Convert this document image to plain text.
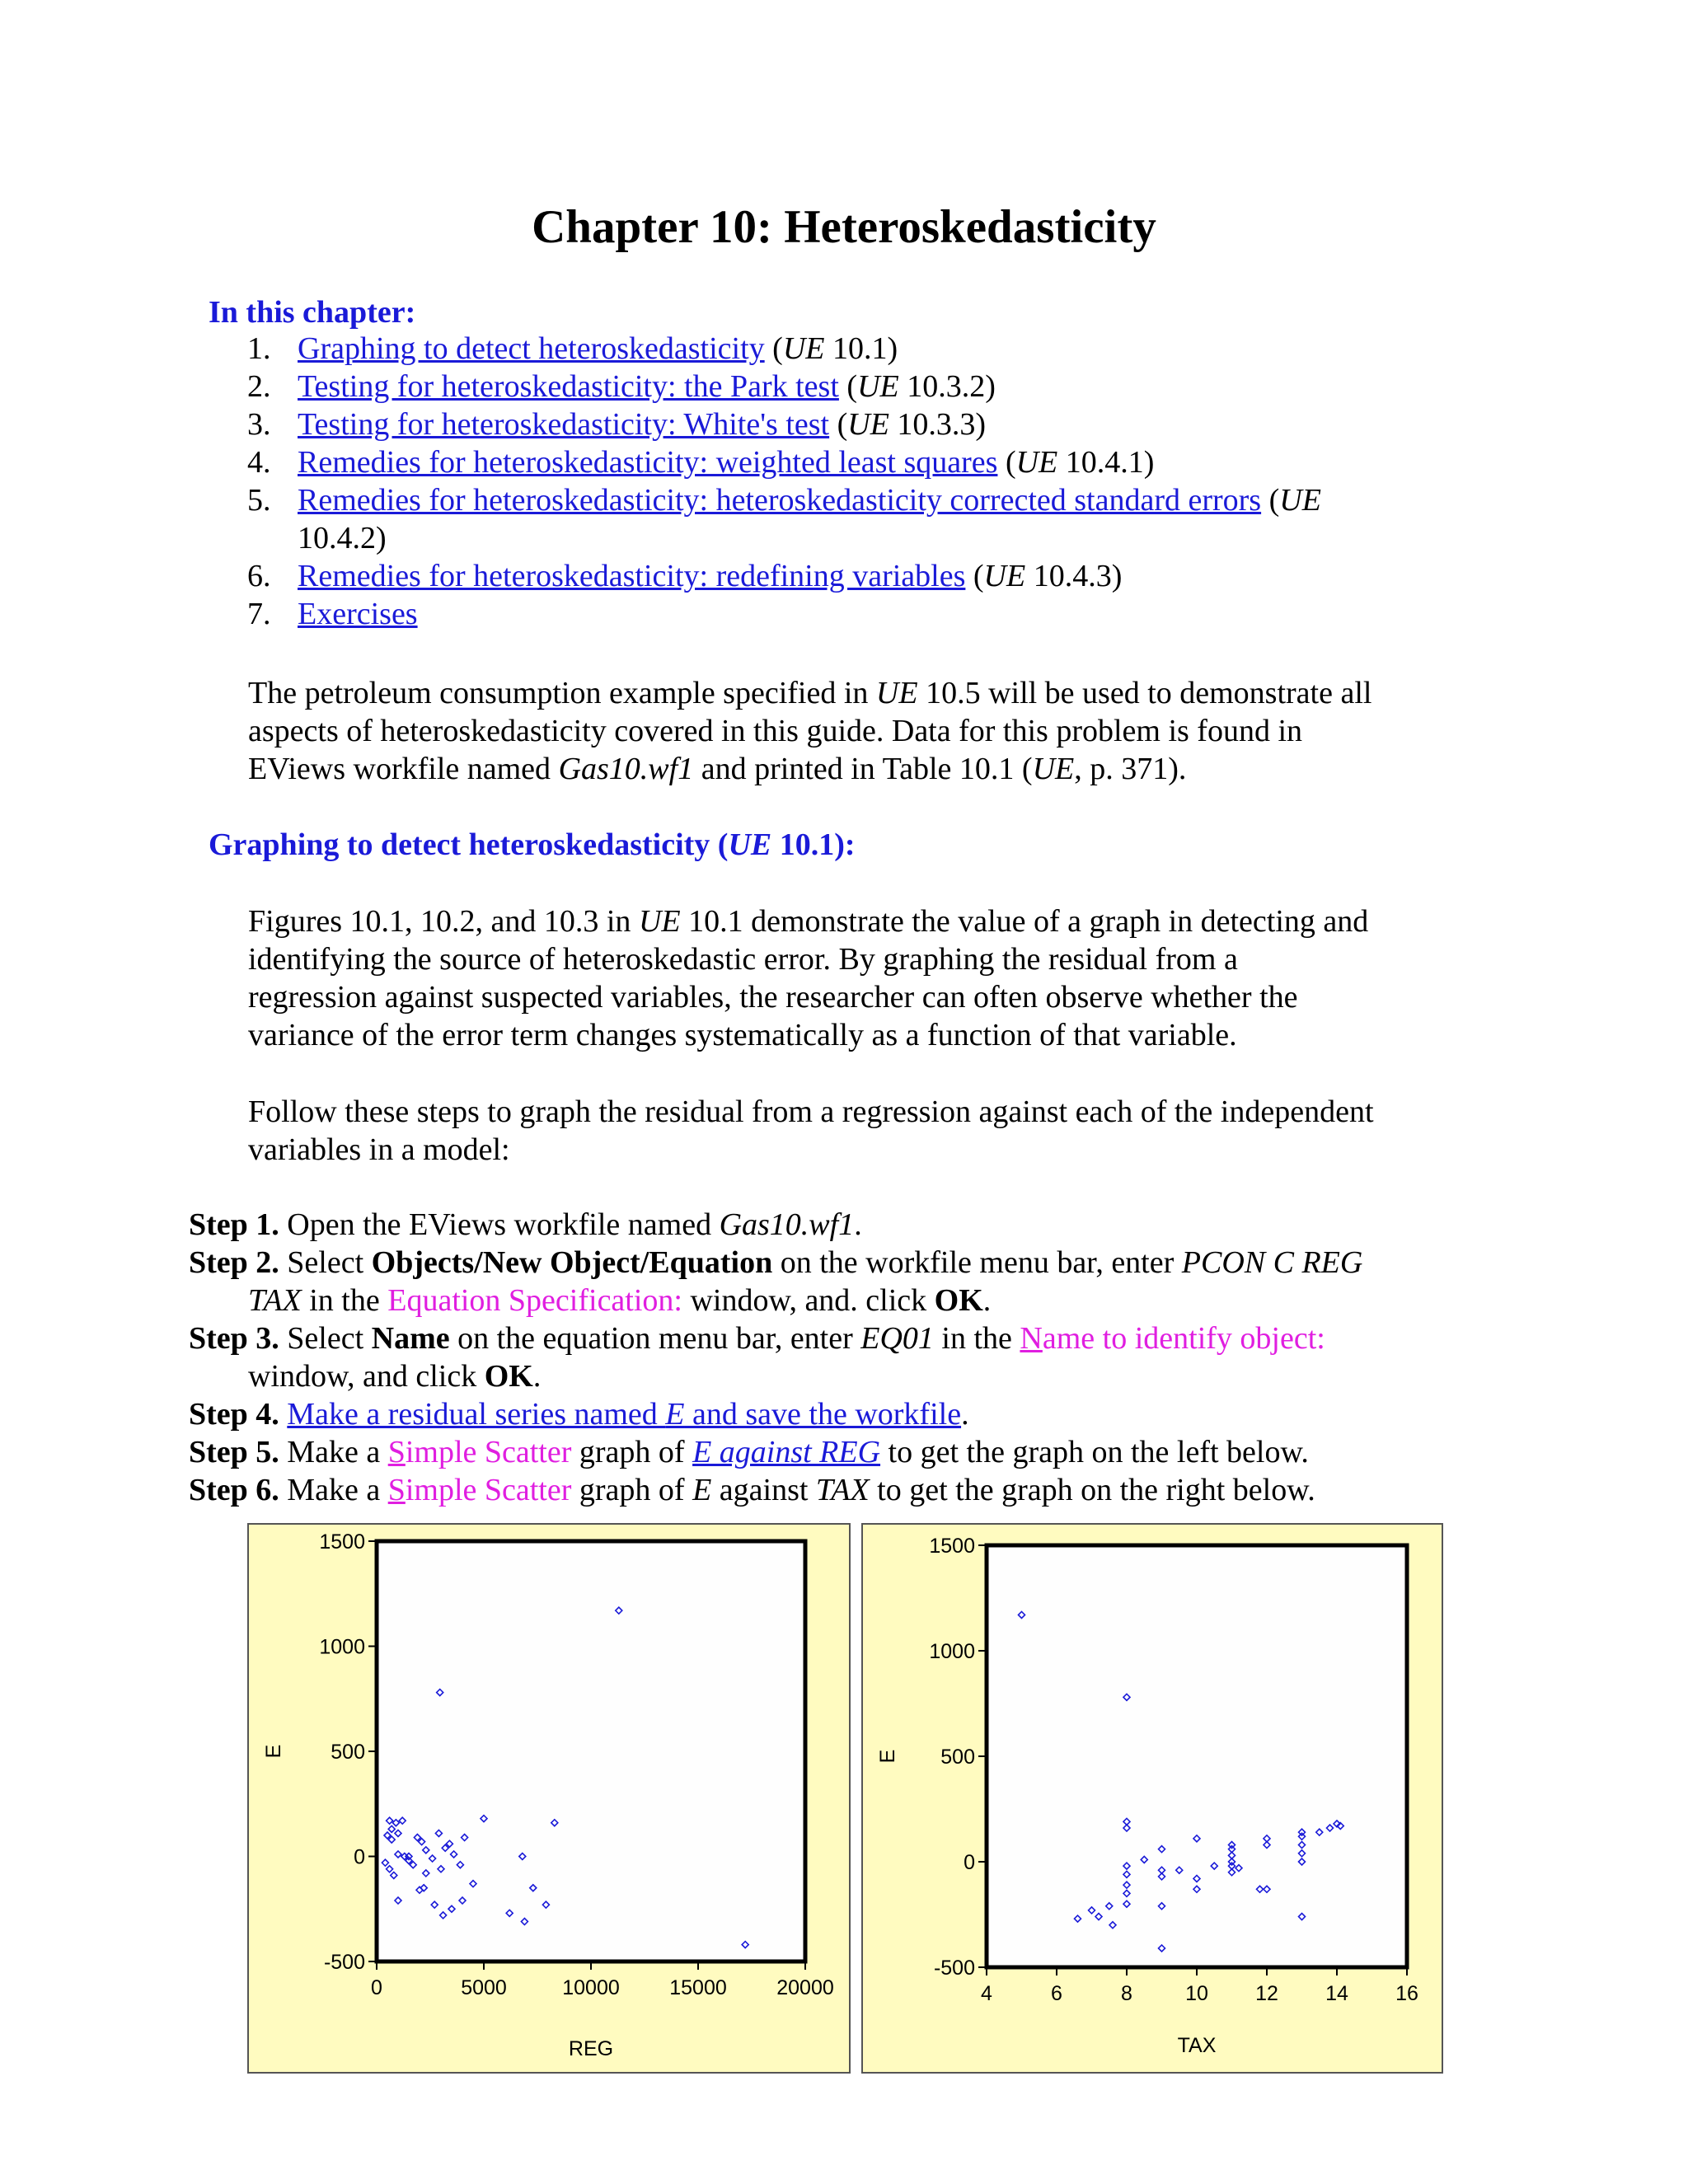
Chapter 10: Heteroskedasticity
In this chapter:
1. Graphing to detect heteroskedasticity (UE 10.1)
2. Testing for heteroskedasticity: the Park test (UE 10.3.2)
3. Testing for heteroskedasticity: White's test (UE 10.3.3)
4. Remedies for heteroskedasticity: weighted least squares (UE 10.4.1)
5. Remedies for heteroskedasticity: heteroskedasticity corrected standard errors (UE
10.4.2)
6. Remedies for heteroskedasticity: redefining variables (UE 10.4.3)
7. Exercises
The petroleum consumption example specified in UE 10.5 will be used to demonstrate all
aspects of heteroskedasticity covered in this guide. Data for this problem is found in
EViews workfile named Gas10.wf1 and printed in Table 10.1 (UE, p. 371).
Graphing to detect heteroskedasticity (UE 10.1):
Figures 10.1, 10.2, and 10.3 in UE 10.1 demonstrate the value of a graph in detecting and
identifying the source of heteroskedastic error. By graphing the residual from a
regression against suspected variables, the researcher can often observe whether the
variance of the error term changes systematically as a function of that variable.
Follow these steps to graph the residual from a regression against each of the independent
variables in a model:
Step 1. Open the EViews workfile named Gas10.wf1.
Step 2. Select Objects/New Object/Equation on the workfile menu bar, enter PCON C REG
TAX in the Equation Specification: window, and. click OK.
Step 3. Select Name on the equation menu bar, enter EQ01 in the Name to identify object:
window, and click OK.
Step 4. Make a residual series named E and save the workfile.
Step 5. Make a Simple Scatter graph of E against REG to get the graph on the left below.
Step 6. Make a Simple Scatter graph of E against TAX to get the graph on the right below.
-500
0
500
1000
1500
0	5000	10000 15000 20000
REG
E
-500
0
500
1000
1500
4	6	8	10 12 14 16
TAX
E
